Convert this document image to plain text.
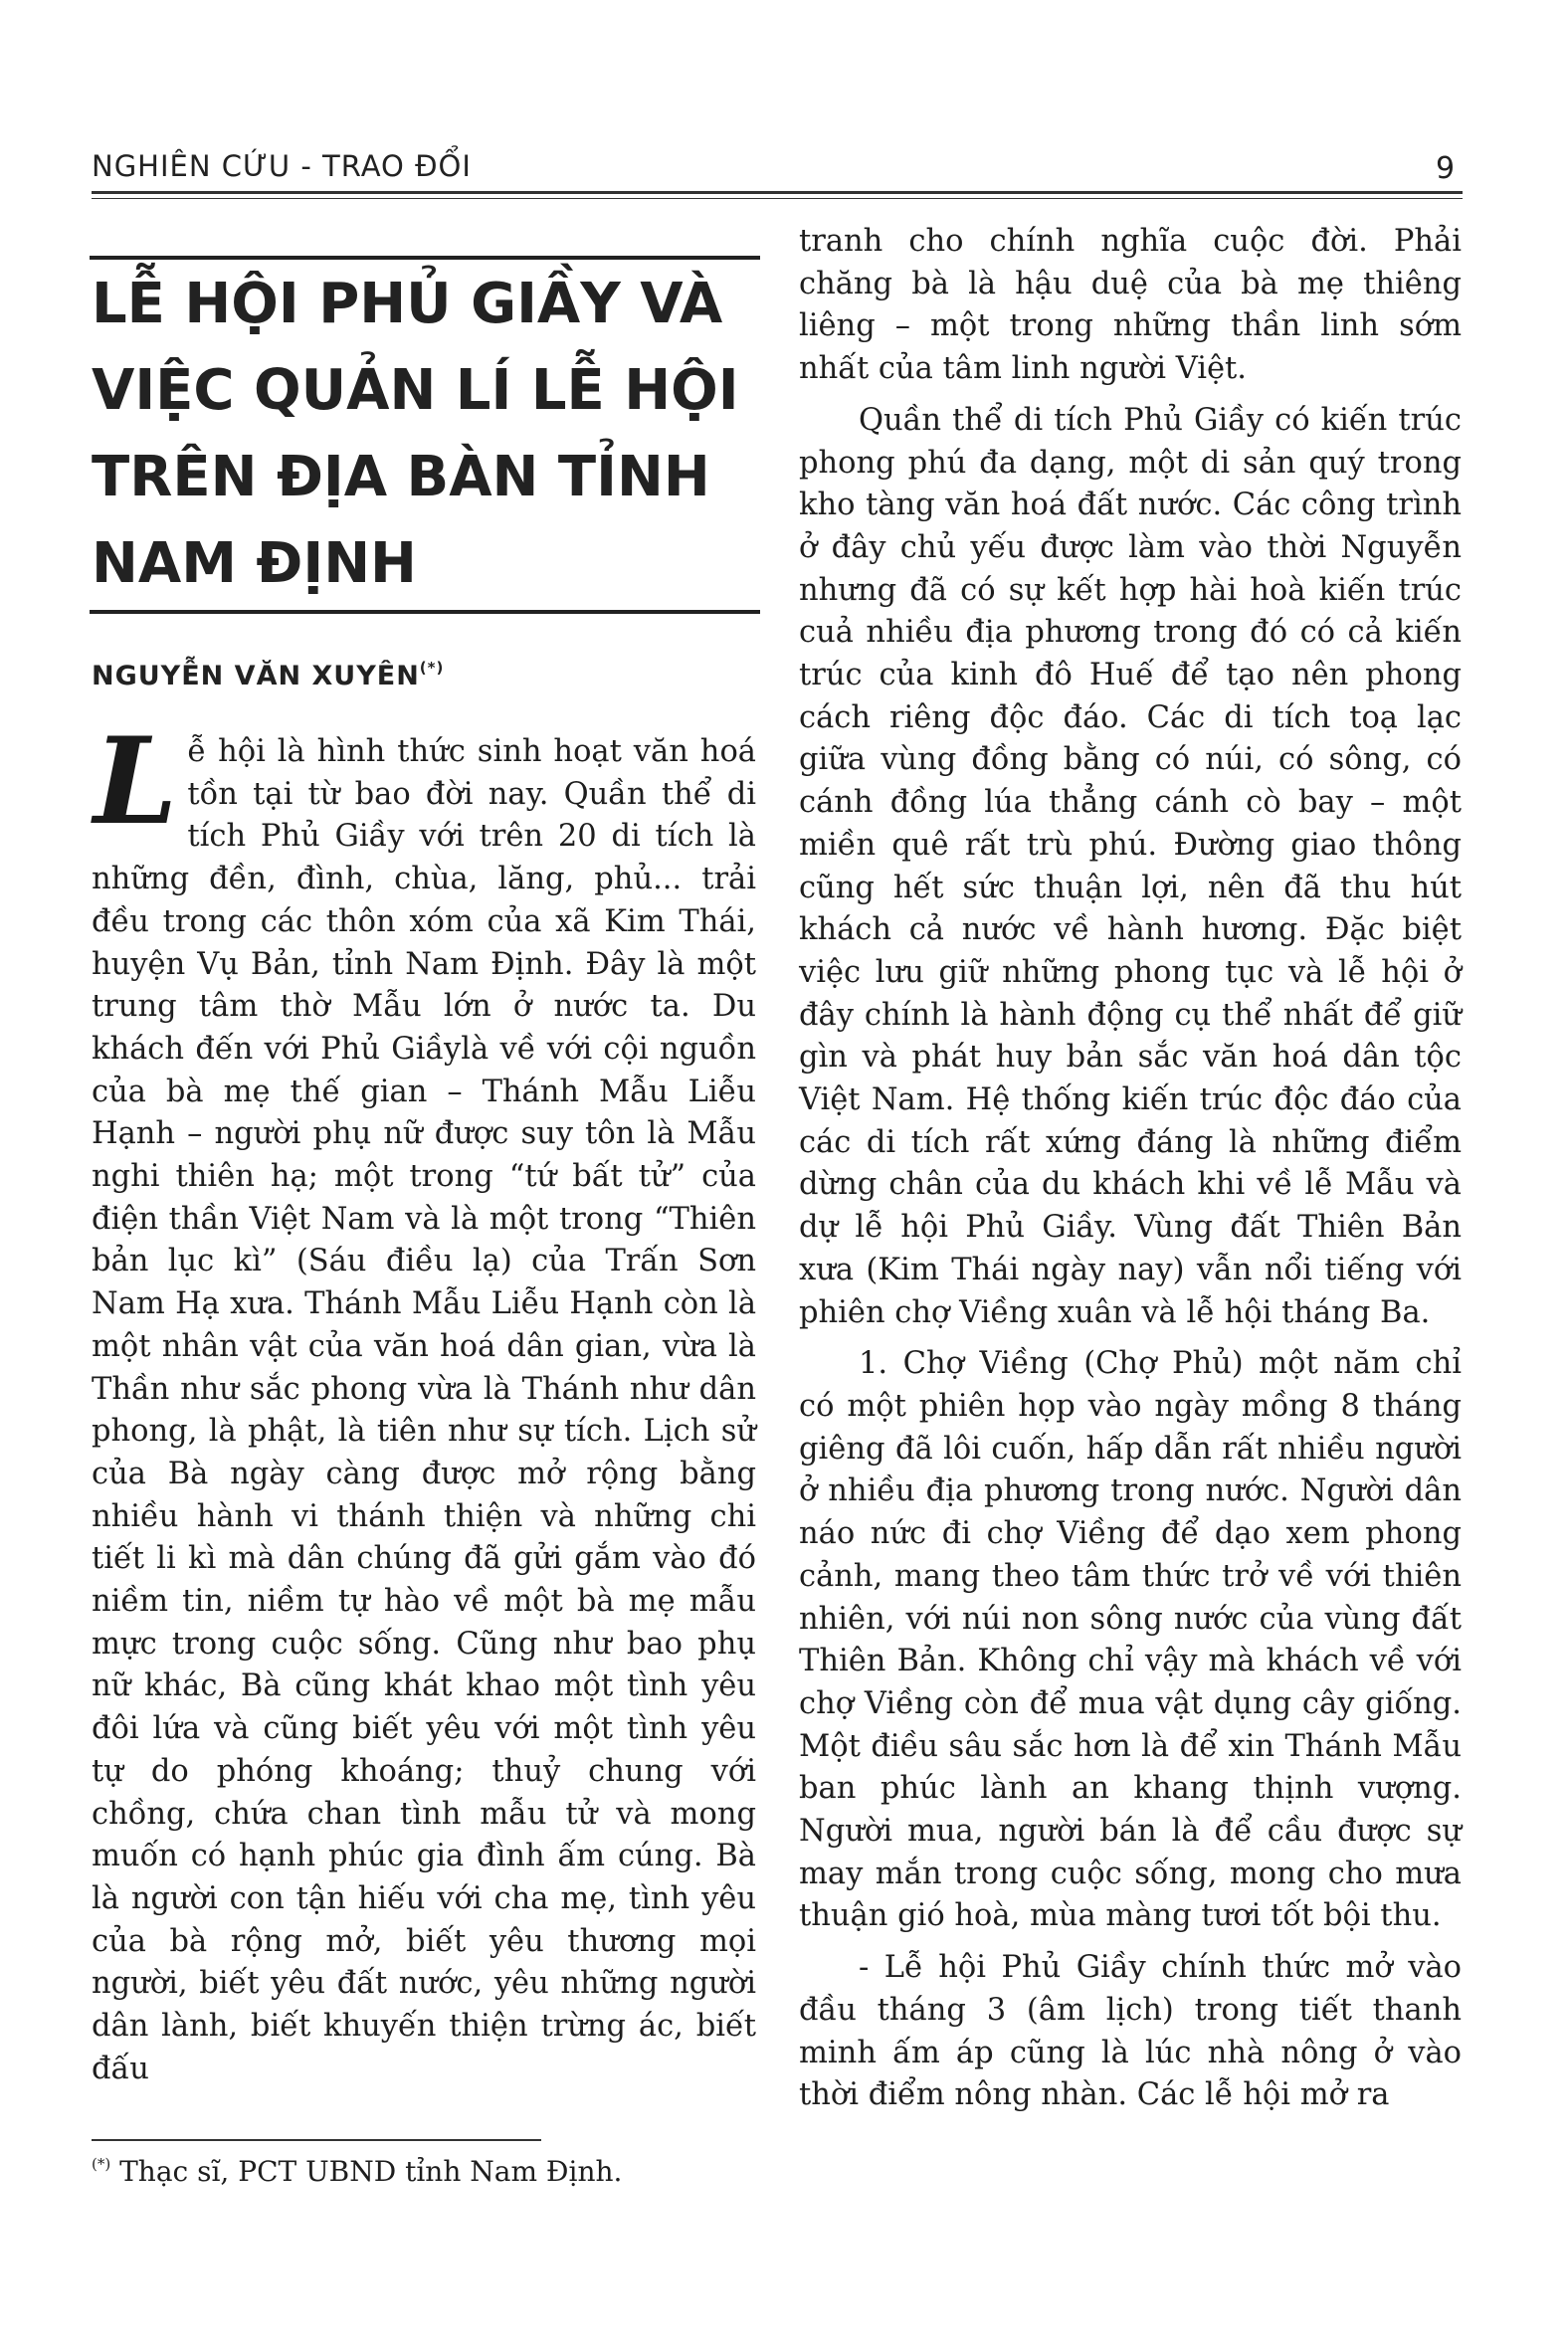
NGHIÊN CỨU - TRAO ĐỔI	9
LỄ HỘI PHỦ GIẦY VÀ VIỆC QUẢN LÍ LỄ HỘI TRÊN ĐỊA BÀN TỈNH NAM ĐỊNH
NGUYỄN VĂN XUYÊN(*)

Lễ hội là hình thức sinh hoạt văn hoá tồn tại từ bao đời nay. Quần thể di tích Phủ Giầy với trên 20 di tích là những đền, đình, chùa, lăng, phủ... trải đều trong các thôn xóm của xã Kim Thái, huyện Vụ Bản, tỉnh Nam Định. Đây là một trung tâm thờ Mẫu lớn ở nước ta. Du khách đến với Phủ Giầylà về với cội nguồn của bà mẹ thế gian – Thánh Mẫu Liễu Hạnh – người phụ nữ được suy tôn là Mẫu nghi thiên hạ; một trong “tứ bất tử” của điện thần Việt Nam và là một trong “Thiên bản lục kì” (Sáu điều lạ) của Trấn Sơn Nam Hạ xưa. Thánh Mẫu Liễu Hạnh còn là một nhân vật của văn hoá dân gian, vừa là Thần như sắc phong vừa là Thánh như dân phong, là phật, là tiên như sự tích. Lịch sử của Bà ngày càng được mở rộng bằng nhiều hành vi thánh thiện và những chi tiết li kì mà dân chúng đã gửi gắm vào đó niềm tin, niềm tự hào về một bà mẹ mẫu mực trong cuộc sống. Cũng như bao phụ nữ khác, Bà cũng khát khao một tình yêu đôi lứa và cũng biết yêu với một tình yêu tự do phóng khoáng; thuỷ chung với chồng, chứa chan tình mẫu tử và mong muốn có hạnh phúc gia đình ấm cúng. Bà là người con tận hiếu với cha mẹ, tình yêu của bà rộng mở, biết yêu thương mọi người, biết yêu đất nước, yêu những người dân lành, biết khuyến thiện trừng ác, biết đấu

tranh cho chính nghĩa cuộc đời. Phải chăng bà là hậu duệ của bà mẹ thiêng liêng – một trong những thần linh sớm nhất của tâm linh người Việt.

Quần thể di tích Phủ Giầy có kiến trúc phong phú đa dạng, một di sản quý trong kho tàng văn hoá đất nước. Các công trình ở đây chủ yếu được làm vào thời Nguyễn nhưng đã có sự kết hợp hài hoà kiến trúc cuả nhiều địa phương trong đó có cả kiến trúc của kinh đô Huế để tạo nên phong cách riêng độc đáo. Các di tích toạ lạc giữa vùng đồng bằng có núi, có sông, có cánh đồng lúa thẳng cánh cò bay – một miền quê rất trù phú. Đường giao thông cũng hết sức thuận lợi, nên đã thu hút khách cả nước về hành hương. Đặc biệt việc lưu giữ những phong tục và lễ hội ở đây chính là hành động cụ thể nhất để giữ gìn và phát huy bản sắc văn hoá dân tộc Việt Nam. Hệ thống kiến trúc độc đáo của các di tích rất xứng đáng là những điểm dừng chân của du khách khi về lễ Mẫu và dự lễ hội Phủ Giầy. Vùng đất Thiên Bản xưa (Kim Thái ngày nay) vẫn nổi tiếng với phiên chợ Viềng xuân và lễ hội tháng Ba.

1. Chợ Viềng (Chợ Phủ) một năm chỉ có một phiên họp vào ngày mồng 8 tháng giêng đã lôi cuốn, hấp dẫn rất nhiều người ở nhiều địa phương trong nước. Người dân náo nức đi chợ Viềng để dạo xem phong cảnh, mang theo tâm thức trở về với thiên nhiên, với núi non sông nước của vùng đất Thiên Bản. Không chỉ vậy mà khách về với chợ Viềng còn để mua vật dụng cây giống. Một điều sâu sắc hơn là để xin Thánh Mẫu ban phúc lành an khang thịnh vượng. Người mua, người bán là để cầu được sự may mắn trong cuộc sống, mong cho mưa thuận gió hoà, mùa màng tươi tốt bội thu.

- Lễ hội Phủ Giầy chính thức mở vào đầu tháng 3 (âm lịch) trong tiết thanh minh ấm áp cũng là lúc nhà nông ở vào thời điểm nông nhàn. Các lễ hội mở ra

(*) Thạc sĩ, PCT UBND tỉnh Nam Định.
